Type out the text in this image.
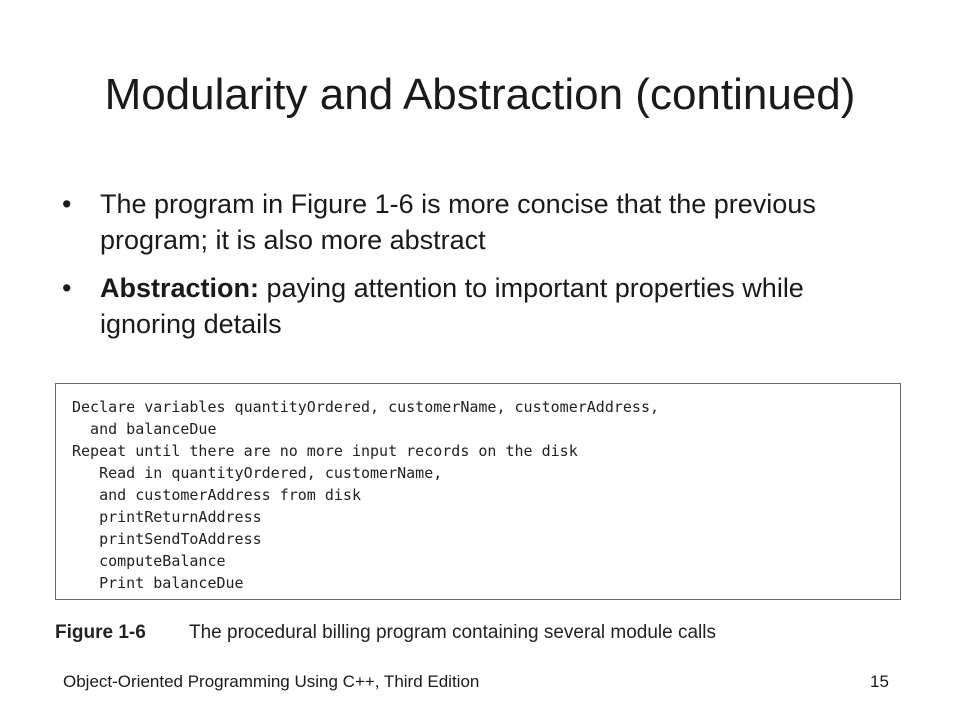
Modularity and Abstraction (continued)
• The program in Figure 1-6 is more concise that the previous program; it is also more abstract
• Abstraction: paying attention to important properties while ignoring details
Declare variables quantityOrdered, customerName, customerAddress,
and balanceDue
Repeat until there are no more input records on the disk
Read in quantityOrdered, customerName,
and customerAddress from disk
printReturnAddress
printSendToAddress
computeBalance
Print balanceDue
Figure 1-6 The procedural billing program containing several module calls
Object-Oriented Programming Using C++, Third Edition	15
